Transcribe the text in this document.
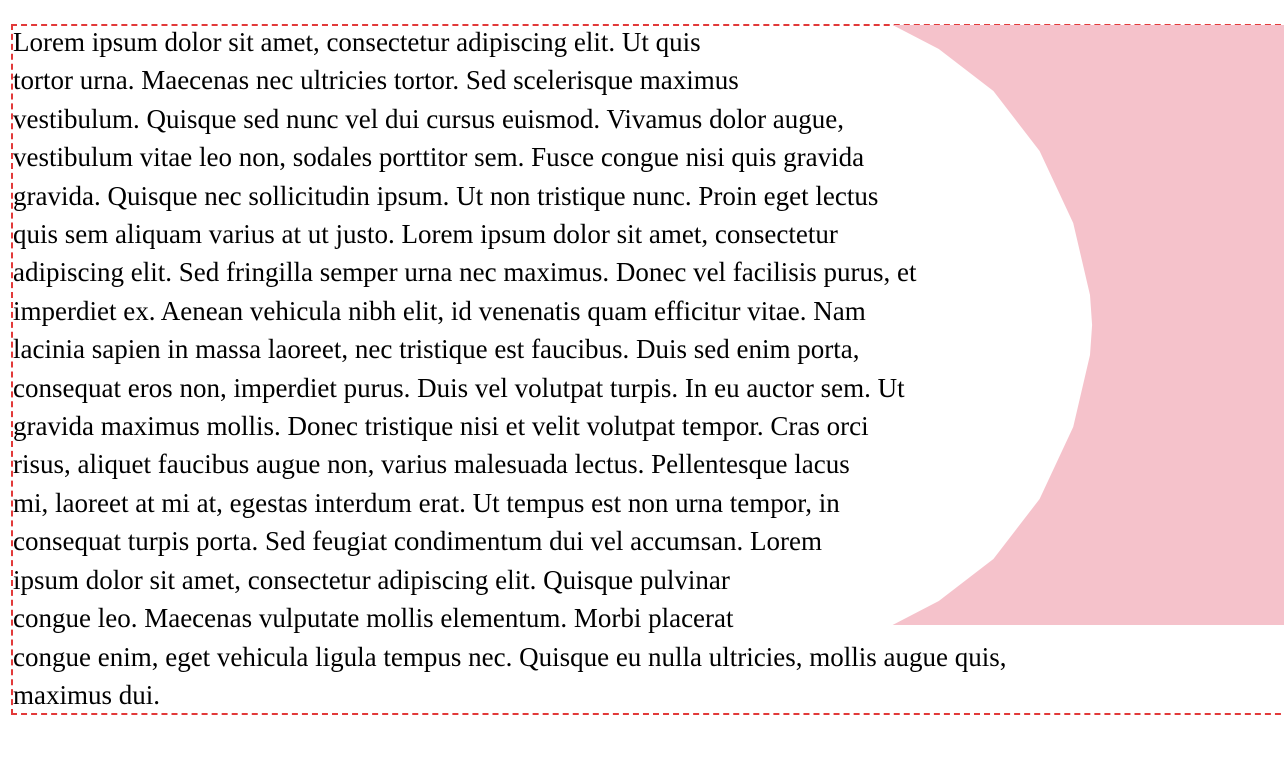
Lorem ipsum dolor sit amet, consectetur adipiscing elit. Ut quis
tortor urna. Maecenas nec ultricies tortor. Sed scelerisque maximus
vestibulum. Quisque sed nunc vel dui cursus euismod. Vivamus dolor augue,
vestibulum vitae leo non, sodales porttitor sem. Fusce congue nisi quis gravida
gravida. Quisque nec sollicitudin ipsum. Ut non tristique nunc. Proin eget lectus
quis sem aliquam varius at ut justo. Lorem ipsum dolor sit amet, consectetur
adipiscing elit. Sed fringilla semper urna nec maximus. Donec vel facilisis purus, et
imperdiet ex. Aenean vehicula nibh elit, id venenatis quam efficitur vitae. Nam
lacinia sapien in massa laoreet, nec tristique est faucibus. Duis sed enim porta,
consequat eros non, imperdiet purus. Duis vel volutpat turpis. In eu auctor sem. Ut
gravida maximus mollis. Donec tristique nisi et velit volutpat tempor. Cras orci
risus, aliquet faucibus augue non, varius malesuada lectus. Pellentesque lacus
mi, laoreet at mi at, egestas interdum erat. Ut tempus est non urna tempor, in
consequat turpis porta. Sed feugiat condimentum dui vel accumsan. Lorem
ipsum dolor sit amet, consectetur adipiscing elit. Quisque pulvinar
congue leo. Maecenas vulputate mollis elementum. Morbi placerat
congue enim, eget vehicula ligula tempus nec. Quisque eu nulla ultricies, mollis augue quis,
maximus dui.
